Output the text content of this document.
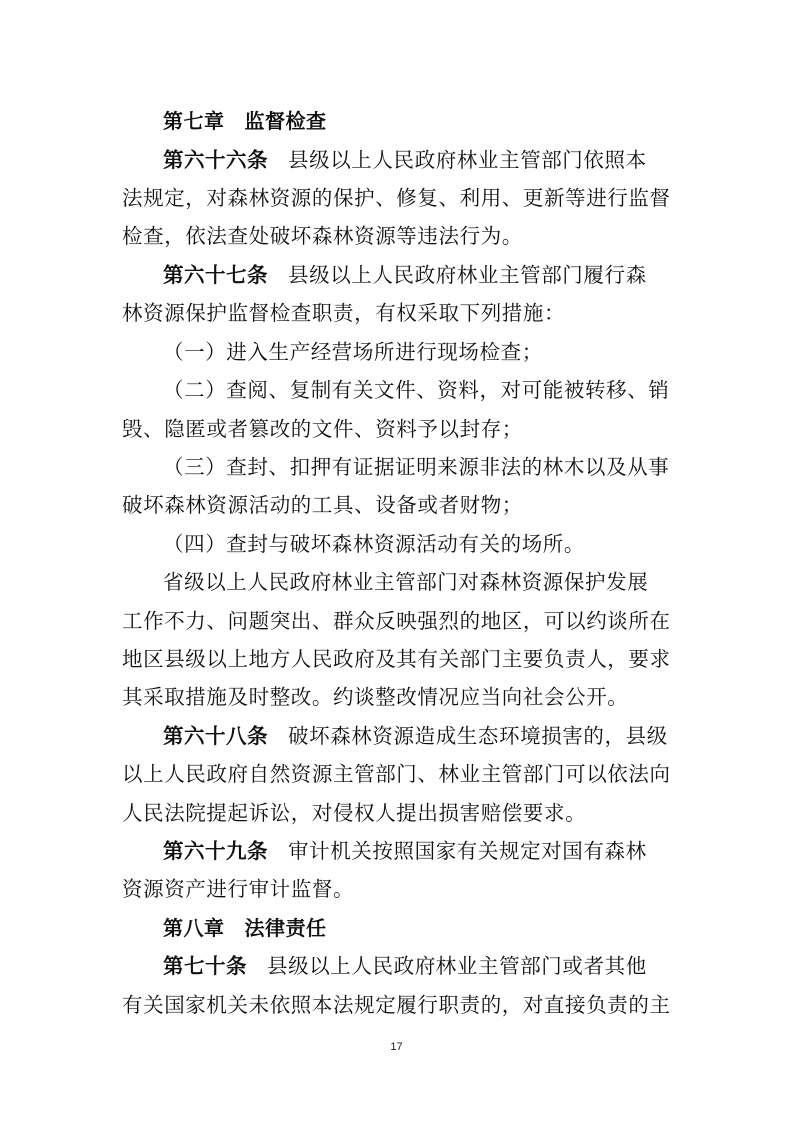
第七章 监督检查
第六十六条 县级以上人民政府林业主管部门依照本
法规定，对森林资源的保护、修复、利用、更新等进行监督
检查，依法查处破坏森林资源等违法行为。
第六十七条 县级以上人民政府林业主管部门履行森
林资源保护监督检查职责，有权采取下列措施：
（一）进入生产经营场所进行现场检查；
（二）查阅、复制有关文件、资料，对可能被转移、销
毁、隐匿或者篡改的文件、资料予以封存；
（三）查封、扣押有证据证明来源非法的林木以及从事
破坏森林资源活动的工具、设备或者财物；
（四）查封与破坏森林资源活动有关的场所。
省级以上人民政府林业主管部门对森林资源保护发展
工作不力、问题突出、群众反映强烈的地区，可以约谈所在
地区县级以上地方人民政府及其有关部门主要负责人，要求
其采取措施及时整改。约谈整改情况应当向社会公开。
第六十八条 破坏森林资源造成生态环境损害的，县级
以上人民政府自然资源主管部门、林业主管部门可以依法向
人民法院提起诉讼，对侵权人提出损害赔偿要求。
第六十九条 审计机关按照国家有关规定对国有森林
资源资产进行审计监督。
第八章 法律责任
第七十条 县级以上人民政府林业主管部门或者其他
有关国家机关未依照本法规定履行职责的，对直接负责的主
17
